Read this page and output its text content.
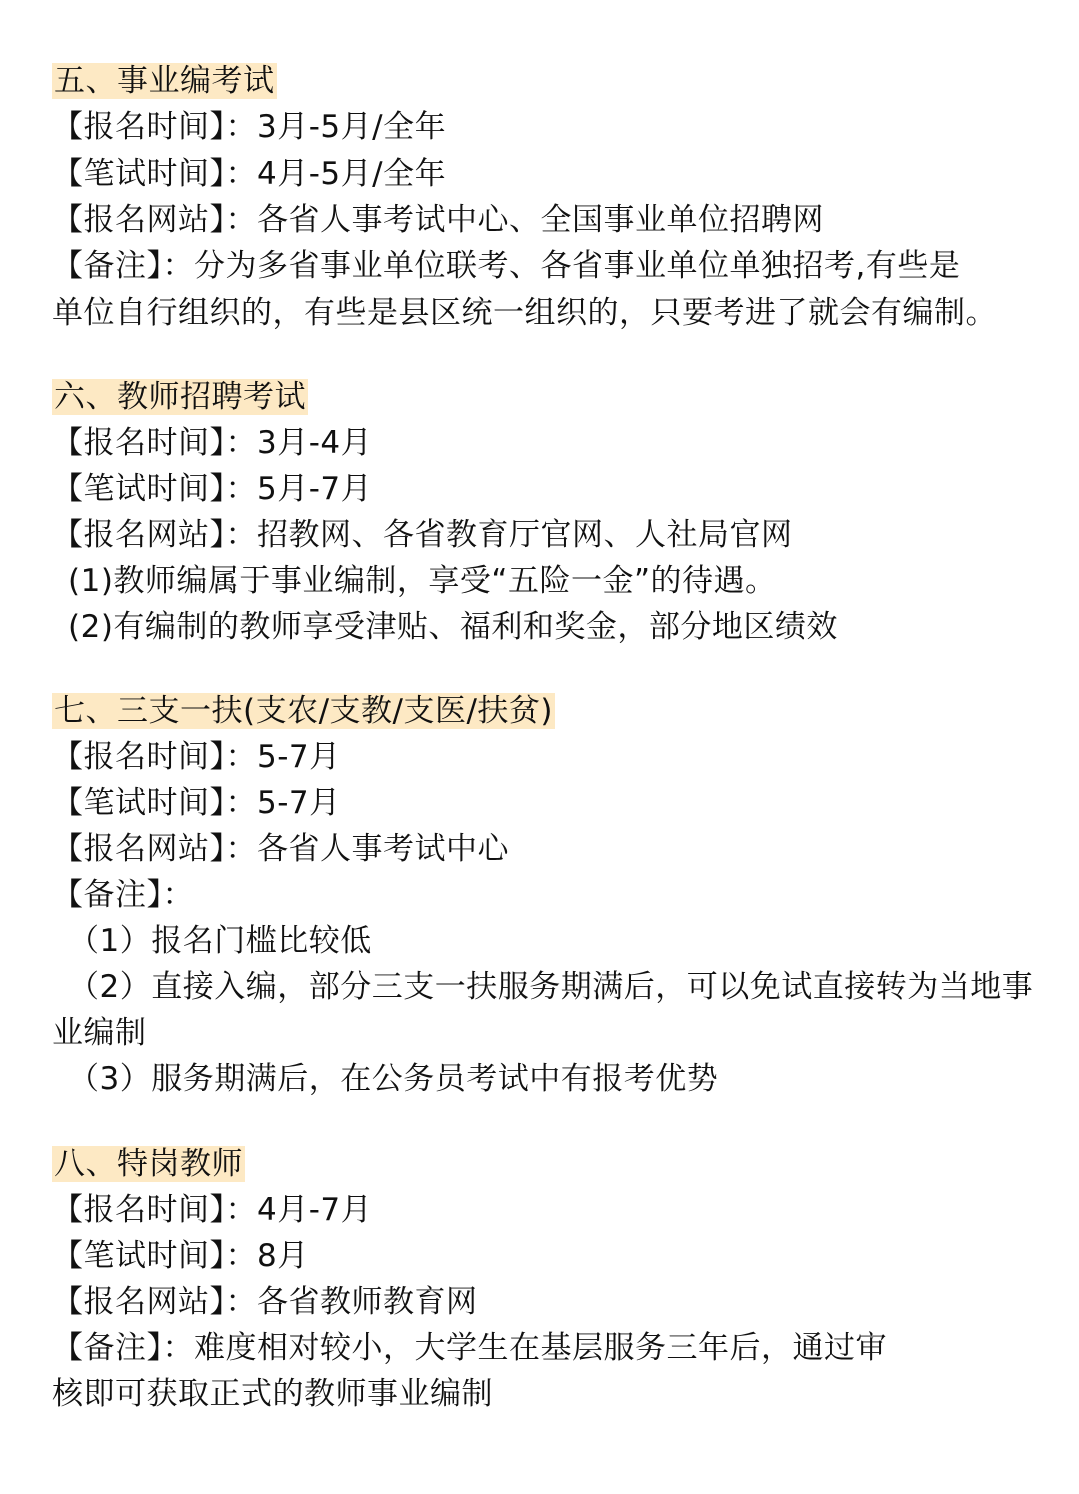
五、事业编考试
【报名时间】：3月-5月/全年
【笔试时间】：4月-5月/全年
【报名网站】：各省人事考试中心、全国事业单位招聘网
【备注】：分为多省事业单位联考、各省事业单位单独招考,有些是
单位自行组织的，有些是县区统一组织的，只要考进了就会有编制。
六、教师招聘考试
【报名时间】：3月-4月
【笔试时间】：5月-7月
【报名网站】：招教网、各省教育厅官网、人社局官网
(1)教师编属于事业编制，享受“五险一金”的待遇。
(2)有编制的教师享受津贴、福利和奖金，部分地区绩效
七、三支一扶(支农/支教/支医/扶贫)
【报名时间】：5-7月
【笔试时间】：5-7月
【报名网站】：各省人事考试中心
【备注】：
（1）报名门槛比较低
（2）直接入编，部分三支一扶服务期满后，可以免试直接转为当地事
业编制
（3）服务期满后，在公务员考试中有报考优势
八、特岗教师
【报名时间】：4月-7月
【笔试时间】：8月
【报名网站】：各省教师教育网
【备注】：难度相对较小，大学生在基层服务三年后，通过审
核即可获取正式的教师事业编制
